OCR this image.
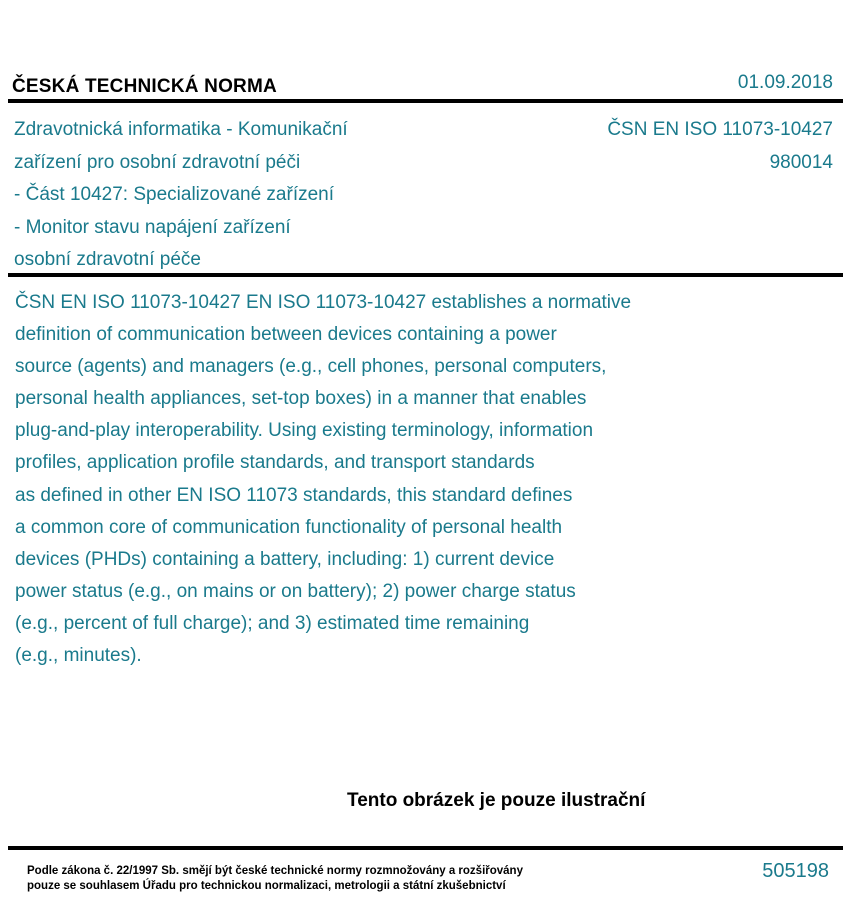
ČESKÁ TECHNICKÁ NORMA	01.09.2018
Zdravotnická informatika - Komunikační
zařízení pro osobní zdravotní péči
- Část 10427: Specializované zařízení
- Monitor stavu napájení zařízení
osobní zdravotní péče
ČSN EN ISO 11073-10427
980014
ČSN EN ISO 11073-10427 EN ISO 11073-10427 establishes a normative
definition of communication between devices containing a power
source (agents) and managers (e.g., cell phones, personal computers,
personal health appliances, set-top boxes) in a manner that enables
plug-and-play interoperability. Using existing terminology, information
profiles, application profile standards, and transport standards
as defined in other EN ISO 11073 standards, this standard defines
a common core of communication functionality of personal health
devices (PHDs) containing a battery, including: 1) current device
power status (e.g., on mains or on battery); 2) power charge status
(e.g., percent of full charge); and 3) estimated time remaining
(e.g., minutes).
Tento obrázek je pouze ilustrační
Podle zákona č. 22/1997 Sb. smějí být české technické normy rozmnožovány a rozšiřovány
pouze se souhlasem Úřadu pro technickou normalizaci, metrologii a státní zkušebnictví
505198
